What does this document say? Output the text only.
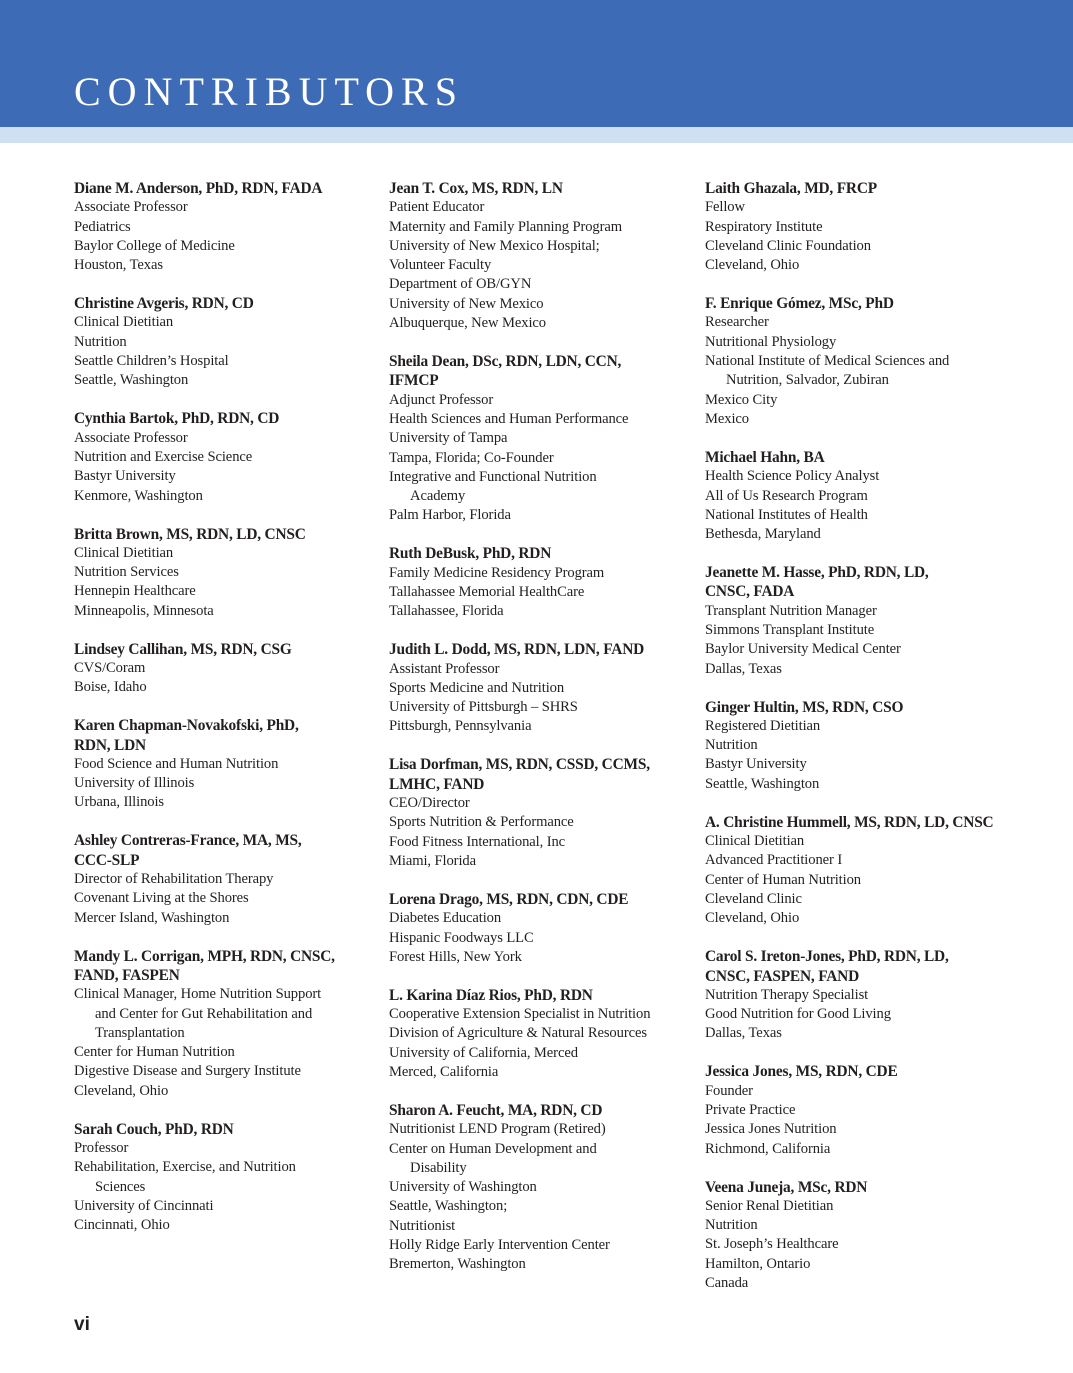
CONTRIBUTORS

Diane M. Anderson, PhD, RDN, FADA

Associate Professor

Pediatrics

Baylor College of Medicine

Houston, Texas

Christine Avgeris, RDN, CD

Clinical Dietitian

Nutrition

Seattle Children’s Hospital

Seattle, Washington

Cynthia Bartok, PhD, RDN, CD

Associate Professor

Nutrition and Exercise Science

Bastyr University

Kenmore, Washington

Britta Brown, MS, RDN, LD, CNSC

Clinical Dietitian

Nutrition Services

Hennepin Healthcare

Minneapolis, Minnesota

Lindsey Callihan, MS, RDN, CSG

CVS/Coram

Boise, Idaho

Karen Chapman-Novakofski, PhD,

RDN, LDN

Food Science and Human Nutrition

University of Illinois

Urbana, Illinois

Ashley Contreras-France, MA, MS,

CCC-SLP

Director of Rehabilitation Therapy

Covenant Living at the Shores

Mercer Island, Washington

Mandy L. Corrigan, MPH, RDN, CNSC,

FAND, FASPEN

Clinical Manager, Home Nutrition Support

and Center for Gut Rehabilitation and

Transplantation

Center for Human Nutrition

Digestive Disease and Surgery Institute

Cleveland, Ohio

Sarah Couch, PhD, RDN

Professor

Rehabilitation, Exercise, and Nutrition

Sciences

University of Cincinnati

Cincinnati, Ohio

Jean T. Cox, MS, RDN, LN

Patient Educator

Maternity and Family Planning Program

University of New Mexico Hospital;

Volunteer Faculty

Department of OB/GYN

University of New Mexico

Albuquerque, New Mexico

Sheila Dean, DSc, RDN, LDN, CCN,

IFMCP

Adjunct Professor

Health Sciences and Human Performance

University of Tampa

Tampa, Florida; Co-Founder

Integrative and Functional Nutrition

Academy

Palm Harbor, Florida

Ruth DeBusk, PhD, RDN

Family Medicine Residency Program

Tallahassee Memorial HealthCare

Tallahassee, Florida

Judith L. Dodd, MS, RDN, LDN, FAND

Assistant Professor

Sports Medicine and Nutrition

University of Pittsburgh – SHRS

Pittsburgh, Pennsylvania

Lisa Dorfman, MS, RDN, CSSD, CCMS,

LMHC, FAND

CEO/Director

Sports Nutrition & Performance

Food Fitness International, Inc

Miami, Florida

Lorena Drago, MS, RDN, CDN, CDE

Diabetes Education

Hispanic Foodways LLC

Forest Hills, New York

L. Karina Díaz Rios, PhD, RDN

Cooperative Extension Specialist in Nutrition

Division of Agriculture & Natural Resources

University of California, Merced

Merced, California

Sharon A. Feucht, MA, RDN, CD

Nutritionist LEND Program (Retired)

Center on Human Development and

Disability

University of Washington

Seattle, Washington;

Nutritionist

Holly Ridge Early Intervention Center

Bremerton, Washington

Laith Ghazala, MD, FRCP

Fellow

Respiratory Institute

Cleveland Clinic Foundation

Cleveland, Ohio

F. Enrique Gómez, MSc, PhD

Researcher

Nutritional Physiology

National Institute of Medical Sciences and

Nutrition, Salvador, Zubiran

Mexico City

Mexico

Michael Hahn, BA

Health Science Policy Analyst

All of Us Research Program

National Institutes of Health

Bethesda, Maryland

Jeanette M. Hasse, PhD, RDN, LD,

CNSC, FADA

Transplant Nutrition Manager

Simmons Transplant Institute

Baylor University Medical Center

Dallas, Texas

Ginger Hultin, MS, RDN, CSO

Registered Dietitian

Nutrition

Bastyr University

Seattle, Washington

A. Christine Hummell, MS, RDN, LD, CNSC

Clinical Dietitian

Advanced Practitioner I

Center of Human Nutrition

Cleveland Clinic

Cleveland, Ohio

Carol S. Ireton-Jones, PhD, RDN, LD,

CNSC, FASPEN, FAND

Nutrition Therapy Specialist

Good Nutrition for Good Living

Dallas, Texas

Jessica Jones, MS, RDN, CDE

Founder

Private Practice

Jessica Jones Nutrition

Richmond, California

Veena Juneja, MSc, RDN

Senior Renal Dietitian

Nutrition

St. Joseph’s Healthcare

Hamilton, Ontario

Canada

vi
